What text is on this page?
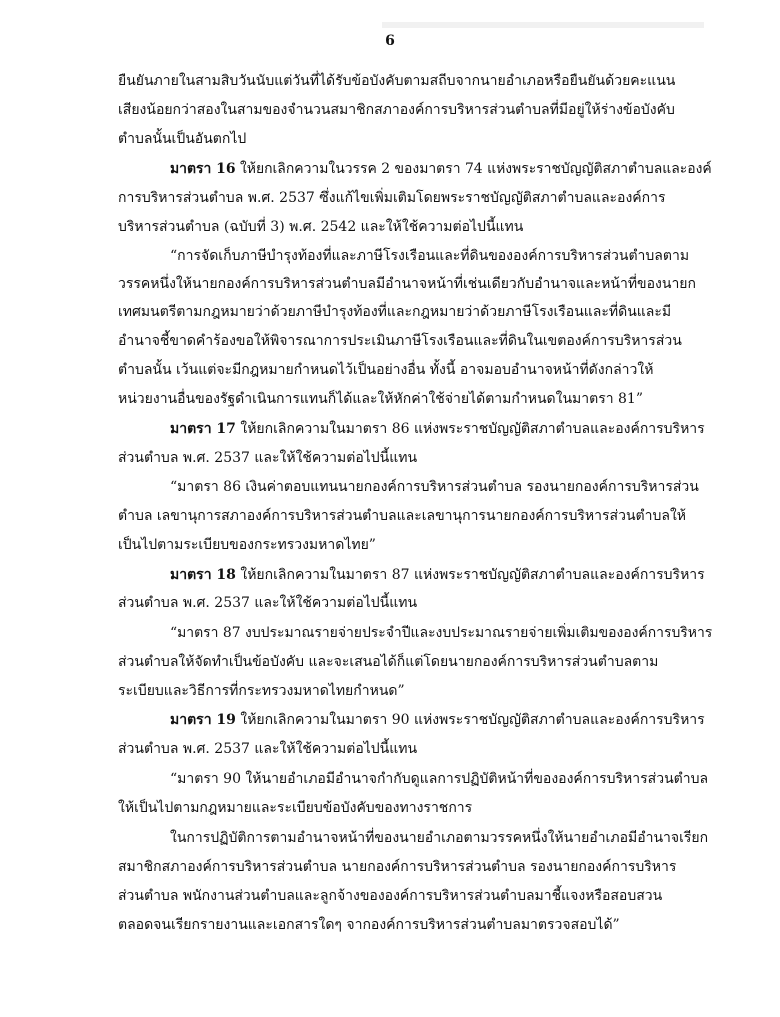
6
ยืนยันภายในสามสิบวันนับแต่วันที่ได้รับข้อบังคับตามสถีบจากนายอำเภอหรือยืนยันด้วยคะแนน
เสียงน้อยกว่าสองในสามของจำนวนสมาชิกสภาองค์การบริหารส่วนตำบลที่มีอยู่ให้ร่างข้อบังคับ
ตำบลนั้นเป็นอันตกไป
มาตรา 16 ให้ยกเลิกความในวรรค 2 ของมาตรา 74 แห่งพระราชบัญญัติสภาตำบลและองค์
การบริหารส่วนตำบล พ.ศ. 2537 ซึ่งแก้ไขเพิ่มเติมโดยพระราชบัญญัติสภาตำบลและองค์การ
บริหารส่วนตำบล (ฉบับที่ 3) พ.ศ. 2542 และให้ใช้ความต่อไปนี้แทน
“การจัดเก็บภาษีบำรุงท้องที่และภาษีโรงเรือนและที่ดินขององค์การบริหารส่วนตำบลตาม
วรรคหนึ่งให้นายกองค์การบริหารส่วนตำบลมีอำนาจหน้าที่เช่นเดียวกับอำนาจและหน้าที่ของนายก
เทศมนตรีตามกฎหมายว่าด้วยภาษีบำรุงท้องที่และกฎหมายว่าด้วยภาษีโรงเรือนและที่ดินและมี
อำนาจชี้ขาดคำร้องขอให้พิจารณาการประเมินภาษีโรงเรือนและที่ดินในเขตองค์การบริหารส่วน
ตำบลนั้น เว้นแต่จะมีกฎหมายกำหนดไว้เป็นอย่างอื่น ทั้งนี้ อาจมอบอำนาจหน้าที่ดังกล่าวให้
หน่วยงานอื่นของรัฐดำเนินการแทนก็ได้และให้หักค่าใช้จ่ายได้ตามกำหนดในมาตรา 81”
มาตรา 17 ให้ยกเลิกความในมาตรา 86 แห่งพระราชบัญญัติสภาตำบลและองค์การบริหาร
ส่วนตำบล พ.ศ. 2537 และให้ใช้ความต่อไปนี้แทน
“มาตรา 86 เงินค่าตอบแทนนายกองค์การบริหารส่วนตำบล รองนายกองค์การบริหารส่วน
ตำบล เลขานุการสภาองค์การบริหารส่วนตำบลและเลขานุการนายกองค์การบริหารส่วนตำบลให้
เป็นไปตามระเบียบของกระทรวงมหาดไทย”
มาตรา 18 ให้ยกเลิกความในมาตรา 87 แห่งพระราชบัญญัติสภาตำบลและองค์การบริหาร
ส่วนตำบล พ.ศ. 2537 และให้ใช้ความต่อไปนี้แทน
“มาตรา 87 งบประมาณรายจ่ายประจำปีและงบประมาณรายจ่ายเพิ่มเติมขององค์การบริหาร
ส่วนตำบลให้จัดทำเป็นข้อบังคับ และจะเสนอได้ก็แต่โดยนายกองค์การบริหารส่วนตำบลตาม
ระเบียบและวิธีการที่กระทรวงมหาดไทยกำหนด”
มาตรา 19 ให้ยกเลิกความในมาตรา 90 แห่งพระราชบัญญัติสภาตำบลและองค์การบริหาร
ส่วนตำบล พ.ศ. 2537 และให้ใช้ความต่อไปนี้แทน
“มาตรา 90 ให้นายอำเภอมีอำนาจกำกับดูแลการปฏิบัติหน้าที่ขององค์การบริหารส่วนตำบล
ให้เป็นไปตามกฎหมายและระเบียบข้อบังคับของทางราชการ
ในการปฏิบัติการตามอำนาจหน้าที่ของนายอำเภอตามวรรคหนึ่งให้นายอำเภอมีอำนาจเรียก
สมาชิกสภาองค์การบริหารส่วนตำบล นายกองค์การบริหารส่วนตำบล รองนายกองค์การบริหาร
ส่วนตำบล พนักงานส่วนตำบลและลูกจ้างขององค์การบริหารส่วนตำบลมาชี้แจงหรือสอบสวน
ตลอดจนเรียกรายงานและเอกสารใดๆ จากองค์การบริหารส่วนตำบลมาตรวจสอบได้”
